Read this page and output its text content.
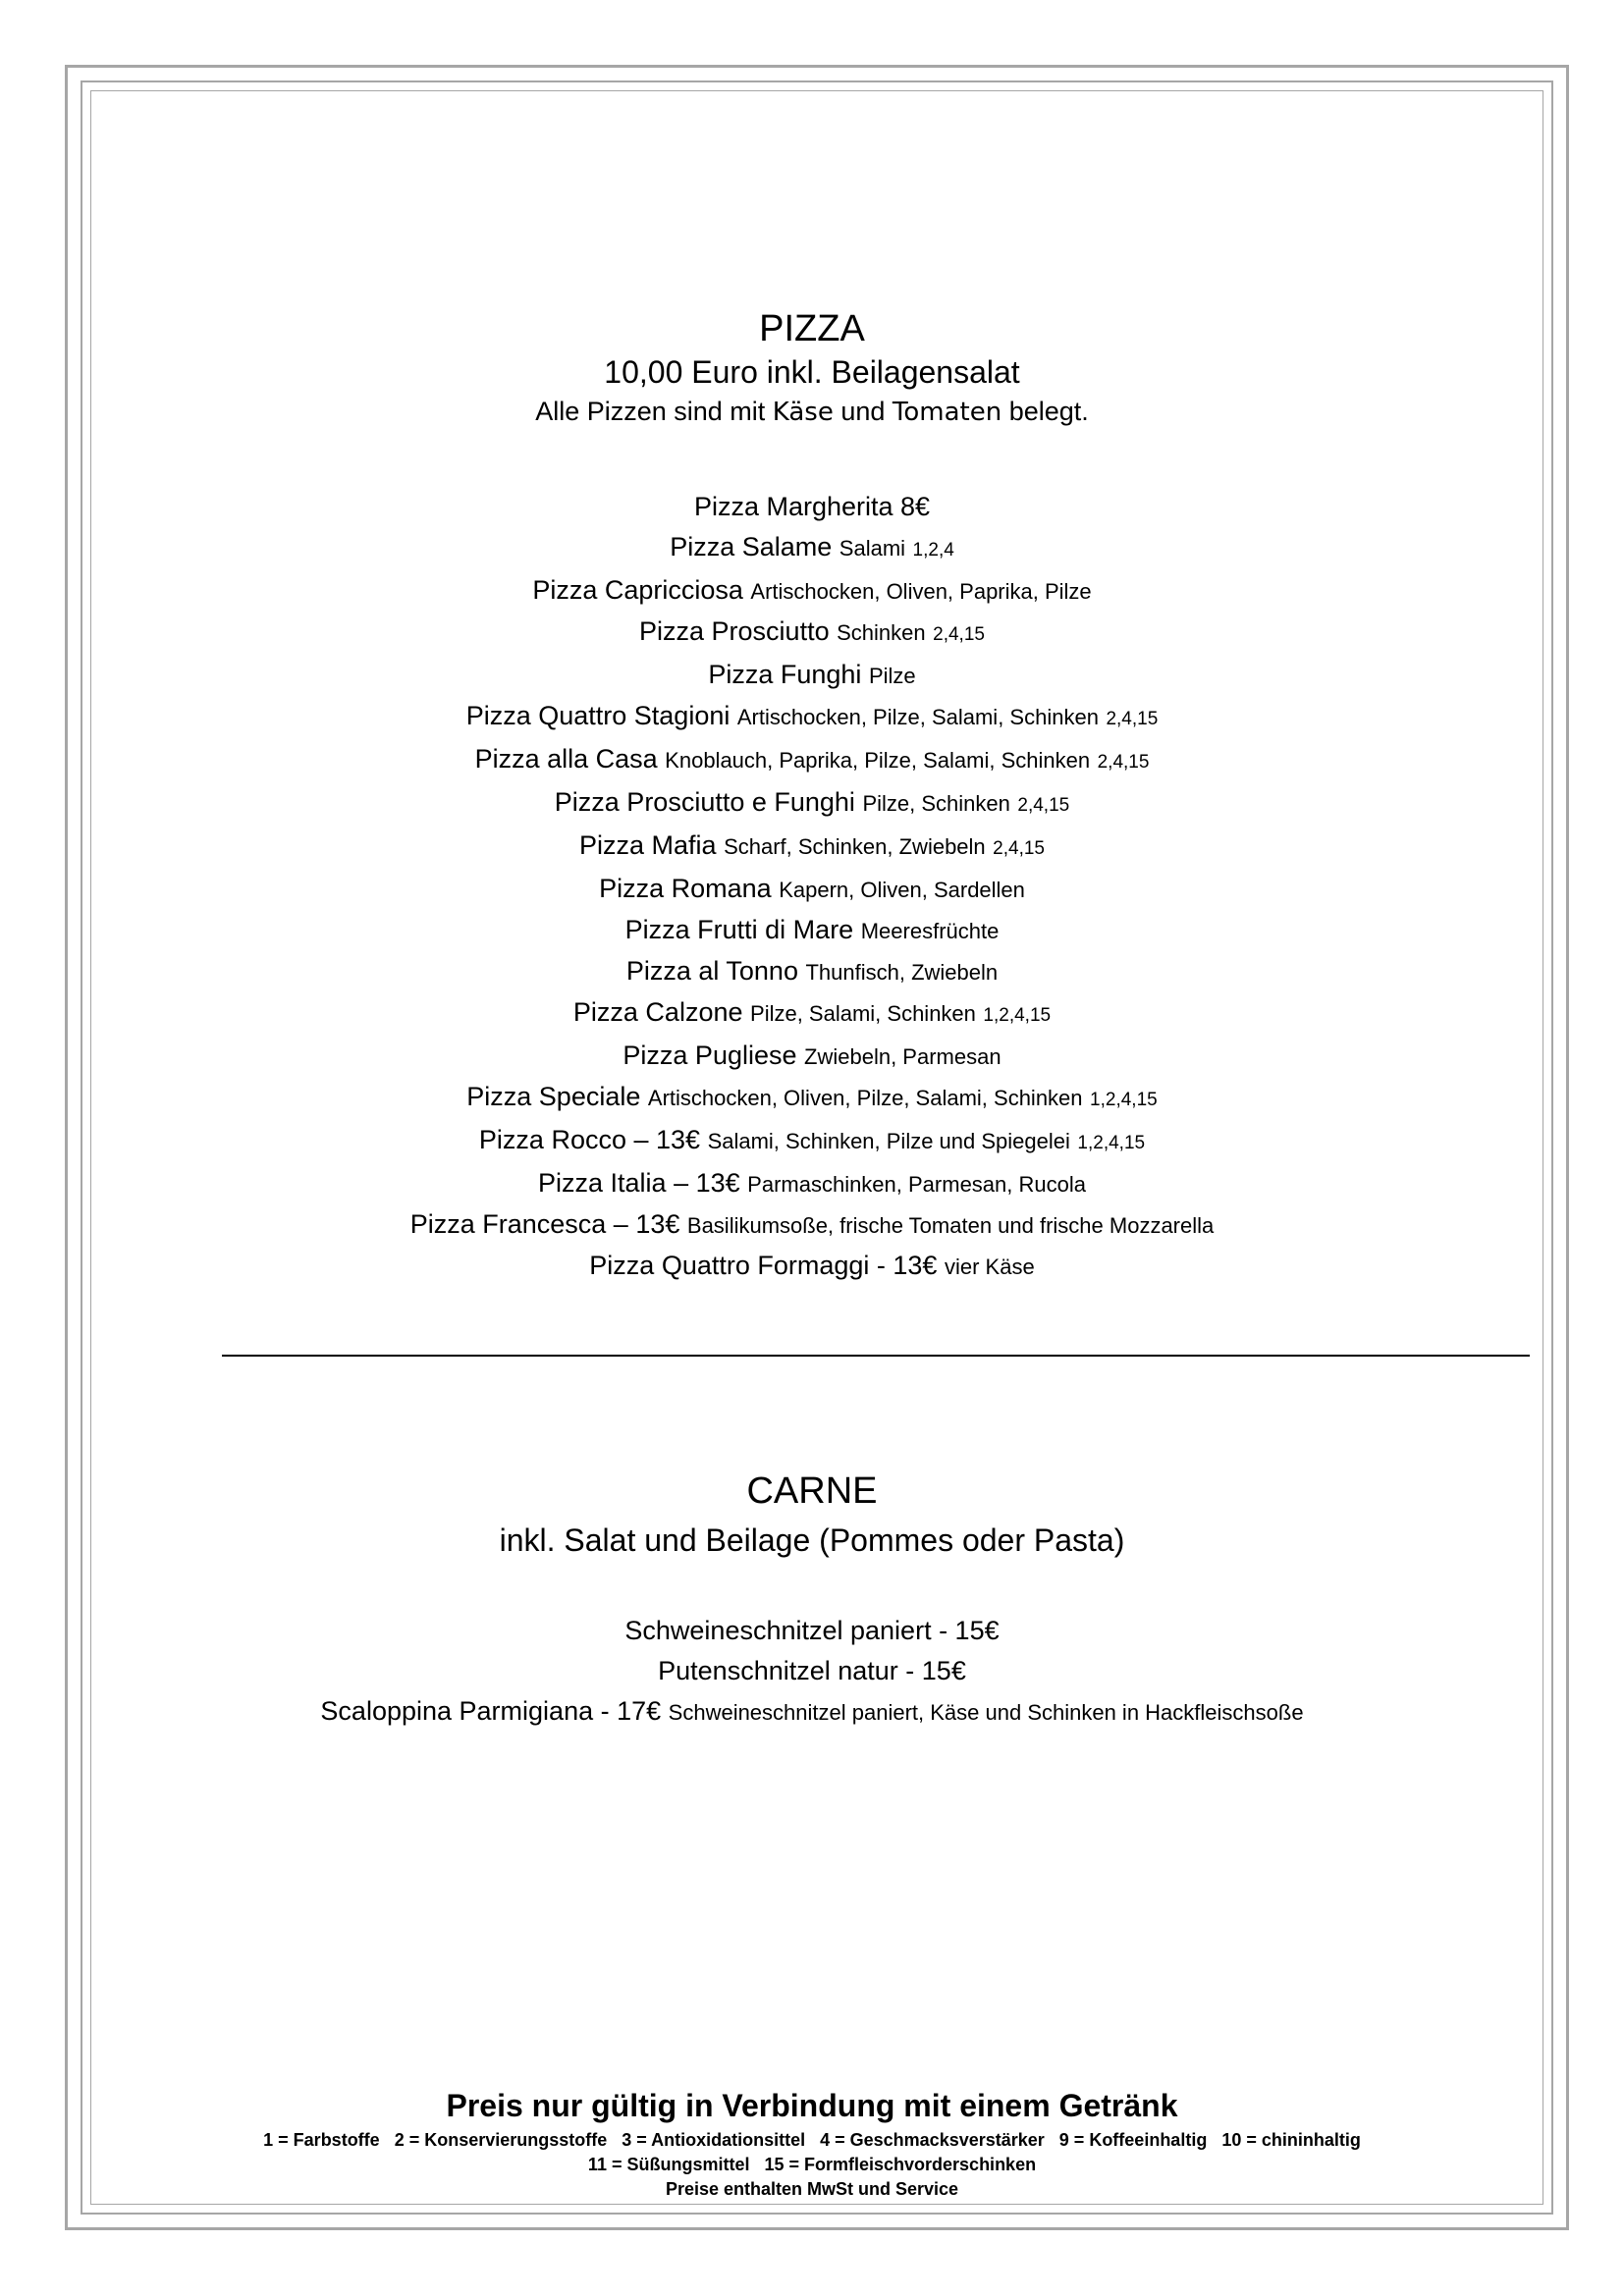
PIZZA
10,00 Euro inkl. Beilagensalat
Alle Pizzen sind mit Käse und Tomaten belegt.
Pizza Margherita 8€
Pizza Salame Salami 1,2,4
Pizza Capricciosa Artischocken, Oliven, Paprika, Pilze
Pizza Prosciutto Schinken 2,4,15
Pizza Funghi Pilze
Pizza Quattro Stagioni Artischocken, Pilze, Salami, Schinken 2,4,15
Pizza alla Casa Knoblauch, Paprika, Pilze, Salami, Schinken 2,4,15
Pizza Prosciutto e Funghi Pilze, Schinken 2,4,15
Pizza Mafia Scharf, Schinken, Zwiebeln 2,4,15
Pizza Romana Kapern, Oliven, Sardellen
Pizza Frutti di Mare Meeresfrüchte
Pizza al Tonno Thunfisch, Zwiebeln
Pizza Calzone Pilze, Salami, Schinken 1,2,4,15
Pizza Pugliese Zwiebeln, Parmesan
Pizza Speciale Artischocken, Oliven, Pilze, Salami, Schinken 1,2,4,15
Pizza Rocco – 13€ Salami, Schinken, Pilze und Spiegelei 1,2,4,15
Pizza Italia – 13€ Parmaschinken, Parmesan, Rucola
Pizza Francesca – 13€ Basilikumsoße, frische Tomaten und frische Mozzarella
Pizza Quattro Formaggi - 13€ vier Käse
CARNE
inkl. Salat und Beilage (Pommes oder Pasta)
Schweineschnitzel paniert - 15€
Putenschnitzel natur - 15€
Scaloppina Parmigiana - 17€ Schweineschnitzel paniert, Käse und Schinken in Hackfleischsoße
Preis nur gültig in Verbindung mit einem Getränk
1 = Farbstoffe   2 = Konservierungsstoffe   3 = Antioxidationsittel   4 = Geschmacksverstärker   9 = Koffeeinhaltig   10 = chininhaltig
11 = Süßungsmittel   15 = Formfleischvorderschinken
Preise enthalten MwSt und Service
